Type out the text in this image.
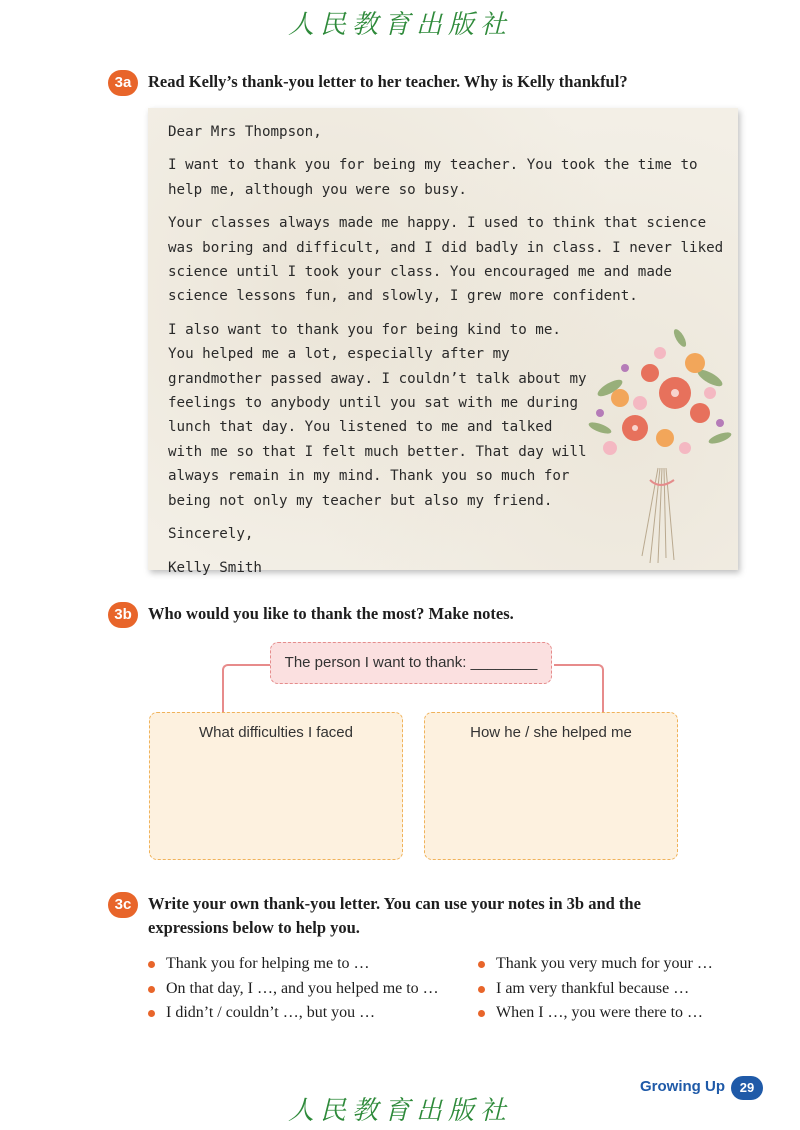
人民教育出版社
3a	Read Kelly’s thank-you letter to her teacher. Why is Kelly thankful?

Dear Mrs Thompson,

I want to thank you for being my teacher. You took the time to help me, although you were so busy.

Your classes always made me happy. I used to think that science was boring and difficult, and I did badly in class. I never liked science until I took your class. You encouraged me and made science lessons fun, and slowly, I grew more confident.

I also want to thank you for being kind to me. You helped me a lot, especially after my grandmother passed away. I couldn’t talk about my feelings to anybody until you sat with me during lunch that day. You listened to me and talked with me so that I felt much better. That day will always remain in my mind. Thank you so much for being not only my teacher but also my friend.

Sincerely,

Kelly Smith

3b Who would you like to thank the most? Make notes.
The person I want to thank: ________
What difficulties I faced	How he / she helped me
3c	Write your own thank-you letter. You can use your notes in 3b and the
expressions below to help you.
Thank you for helping me to …
On that day, I …, and you helped me to …
I didn’t / couldn’t …, but you …
Thank you very much for your …
I am very thankful because …
When I …, you were there to …
Growing Up	29
人民教育出版社
